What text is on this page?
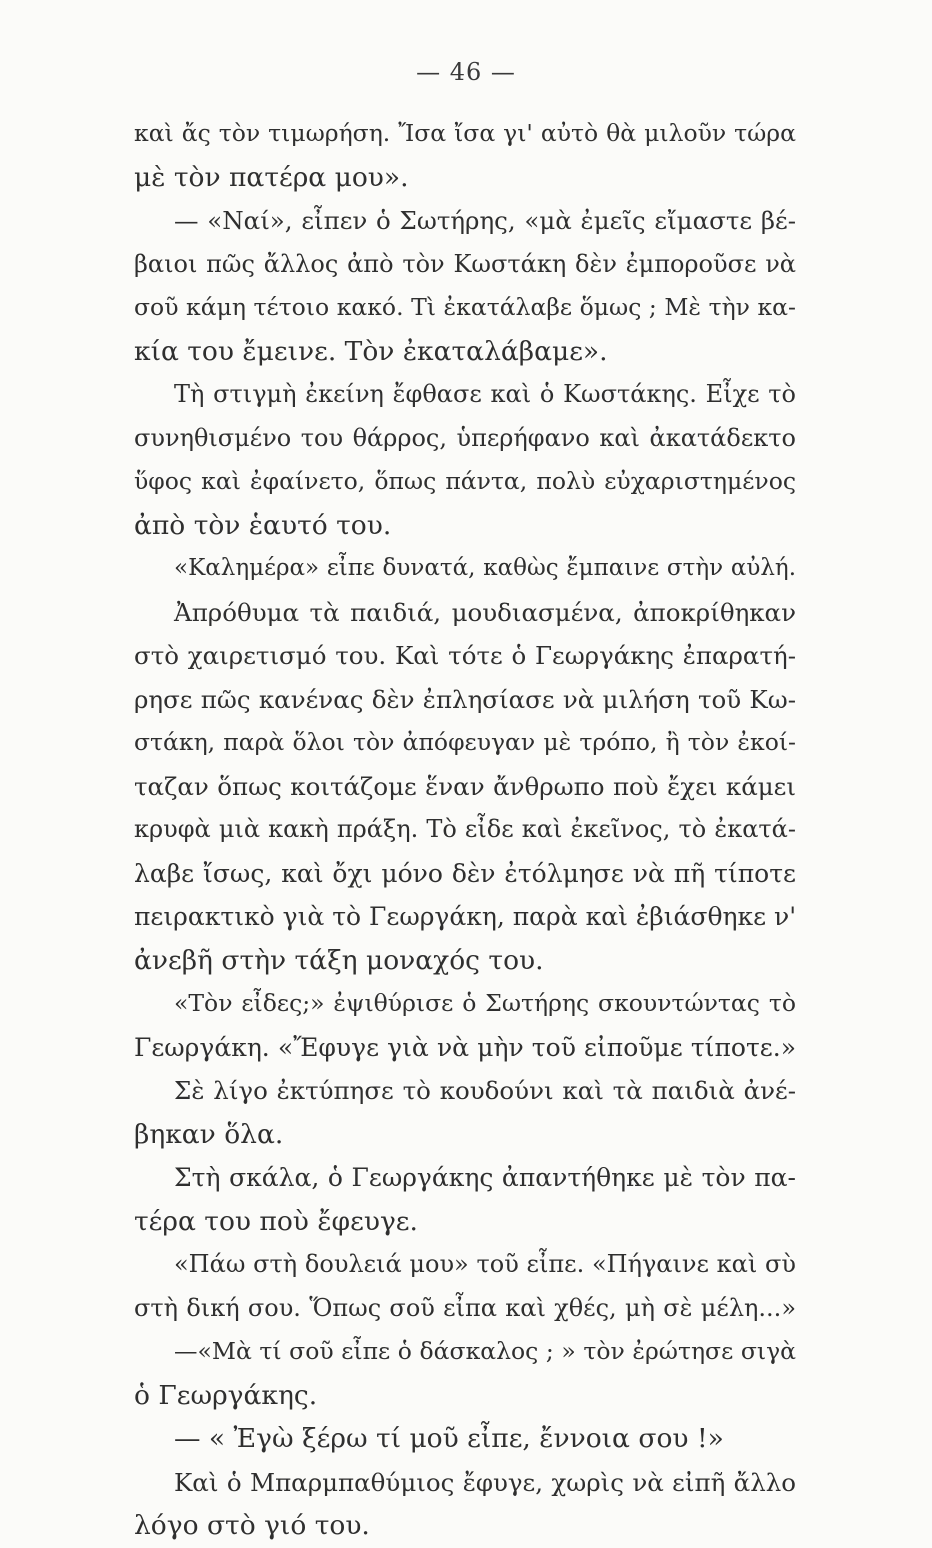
— 46 —
καὶ ἄς τὸν τιμωρήση. Ἴσα ἴσα γι' αὐτὸ θὰ μιλοῦν τώρα
μὲ τὸν πατέρα μου».
— «Ναί», εἶπεν ὁ Σωτήρης, «μὰ ἐμεῖς εἴμαστε βέ-
βαιοι πῶς ἄλλος ἀπὸ τὸν Κωστάκη δὲν ἐμποροῦσε νὰ
σοῦ κάμη τέτοιο κακό. Τὶ ἐκατάλαβε ὅμως ; Μὲ τὴν κα-
κία του ἔμεινε. Τὸν ἐκαταλάβαμε».
Τὴ στιγμὴ ἐκείνη ἔφθασε καὶ ὁ Κωστάκης. Εἶχε τὸ
συνηθισμένο του θάρρος, ὑπερήφανο καὶ ἀκατάδεκτο
ὕφος καὶ ἐφαίνετο, ὅπως πάντα, πολὺ εὐχαριστημένος
ἀπὸ τὸν ἑαυτό του.
«Καλημέρα» εἶπε δυνατά, καθὼς ἔμπαινε στὴν αὐλή.
Ἀπρόθυμα τὰ παιδιά, μουδιασμένα, ἀποκρίθηκαν
στὸ χαιρετισμό του. Καὶ τότε ὁ Γεωργάκης ἐπαρατή-
ρησε πῶς κανένας δὲν ἐπλησίασε νὰ μιλήση τοῦ Κω-
στάκη, παρὰ ὅλοι τὸν ἀπόφευγαν μὲ τρόπο, ἢ τὸν ἐκοί-
ταζαν ὅπως κοιτάζομε ἕναν ἄνθρωπο ποὺ ἔχει κάμει
κρυφὰ μιὰ κακὴ πράξη. Τὸ εἶδε καὶ ἐκεῖνος, τὸ ἐκατά-
λαβε ἴσως, καὶ ὄχι μόνο δὲν ἐτόλμησε νὰ πῆ τίποτε
πειρακτικὸ γιὰ τὸ Γεωργάκη, παρὰ καὶ ἐβιάσθηκε ν'
ἀνεβῆ στὴν τάξη μοναχός του.
«Τὸν εἶδες;» ἐψιθύρισε ὁ Σωτήρης σκουντώντας τὸ
Γεωργάκη. «Ἔφυγε γιὰ νὰ μὴν τοῦ εἰποῦμε τίποτε.»
Σὲ λίγο ἐκτύπησε τὸ κουδούνι καὶ τὰ παιδιὰ ἀνέ-
βηκαν ὅλα.
Στὴ σκάλα, ὁ Γεωργάκης ἀπαντήθηκε μὲ τὸν πα-
τέρα του ποὺ ἔφευγε.
«Πάω στὴ δουλειά μου» τοῦ εἶπε. «Πήγαινε καὶ σὺ
στὴ δική σου. Ὅπως σοῦ εἶπα καὶ χθές, μὴ σὲ μέλη...»
—«Μὰ τί σοῦ εἶπε ὁ δάσκαλος ; » τὸν ἐρώτησε σιγὰ
ὁ Γεωργάκης.
— « Ἐγὼ ξέρω τί μοῦ εἶπε, ἔννοια σου !»
Καὶ ὁ Μπαρμπαθύμιος ἔφυγε, χωρὶς νὰ εἰπῆ ἄλλο
λόγο στὸ γιό του.
